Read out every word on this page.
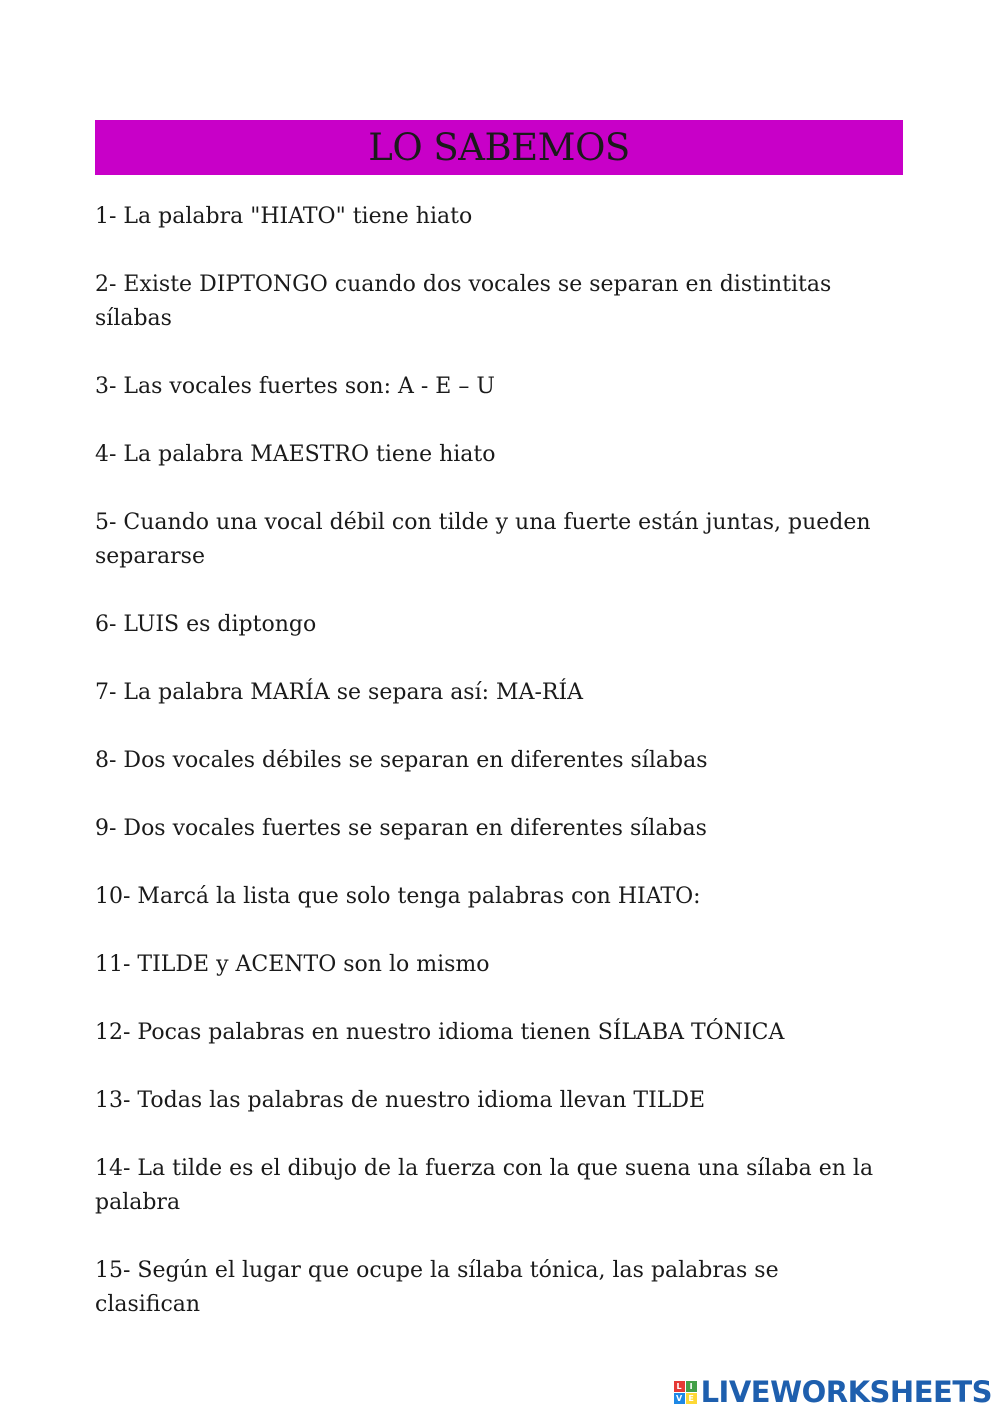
LO SABEMOS
1- La palabra "HIATO" tiene hiato
2- Existe DIPTONGO cuando dos vocales se separan en distintitas sílabas
3- Las vocales fuertes son: A - E – U
4- La palabra MAESTRO tiene hiato
5- Cuando una vocal débil con tilde y una fuerte están juntas, pueden separarse
6- LUIS es diptongo
7- La palabra MARÍA se separa así: MA-RÍA
8- Dos vocales débiles se separan en diferentes sílabas
9- Dos vocales fuertes se separan en diferentes sílabas
10- Marcá la lista que solo tenga palabras con HIATO:
11- TILDE y ACENTO son lo mismo
12- Pocas palabras en nuestro idioma tienen SÍLABA TÓNICA
13- Todas las palabras de nuestro idioma llevan TILDE
14- La tilde es el dibujo de la fuerza con la que suena una sílaba en la palabra
15- Según el lugar que ocupe la sílaba tónica, las palabras se clasifican
L I
V E LIVEWORKSHEETS
